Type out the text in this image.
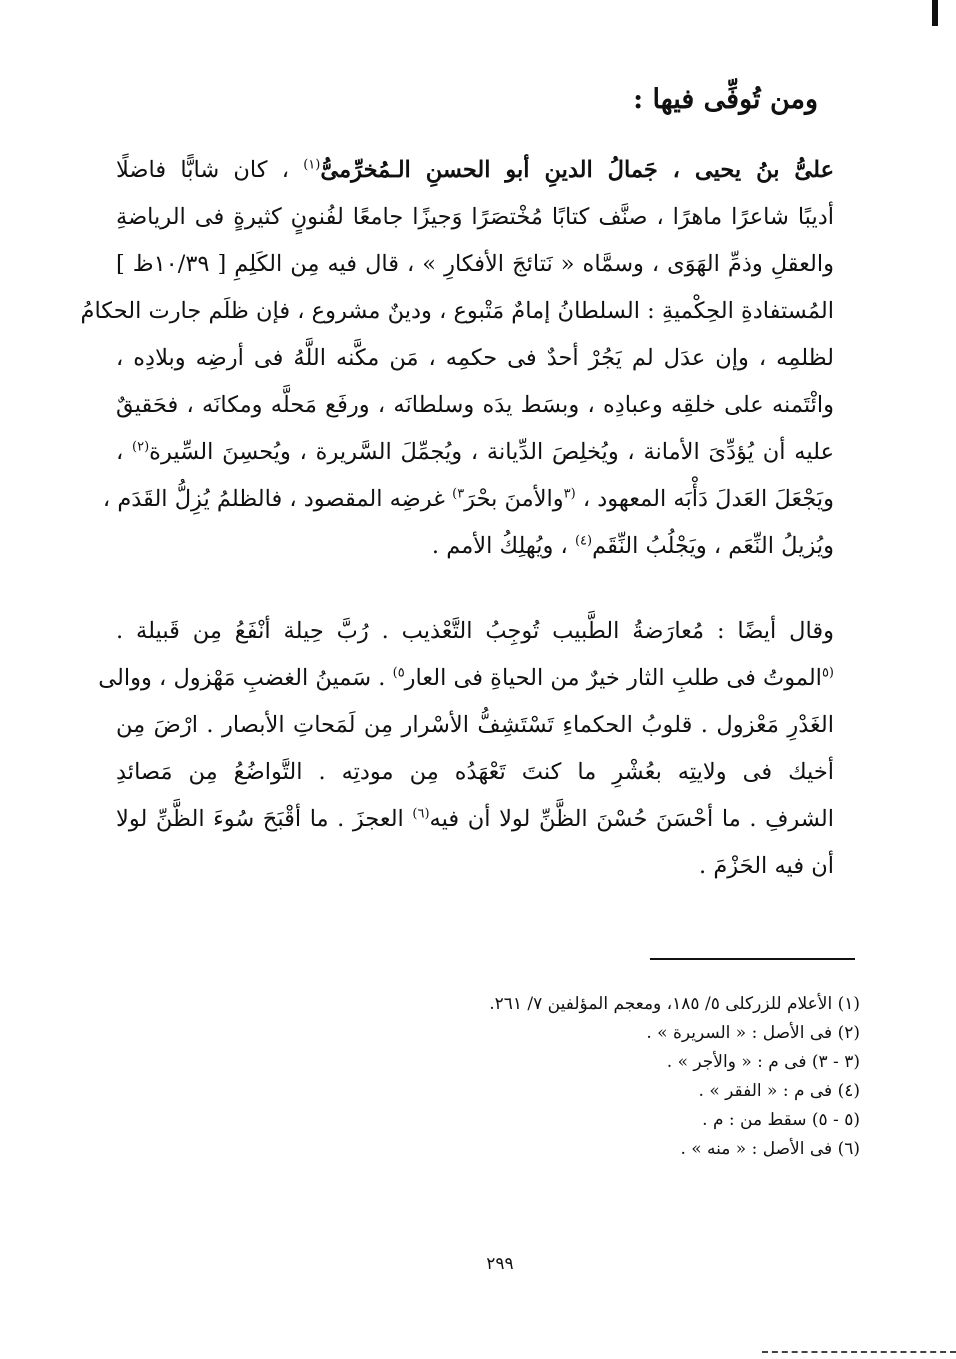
ومن تُوفِّى فيها :

علىُّ بنُ يحيى ، جَمالُ الدينِ أبو الحسنِ الـمُخرِّمىُّ$^{(١)}$ ، كان شابًّا فاضلًا

أديبًا شاعرًا ماهرًا ، صنَّف كتابًا مُخْتصَرًا وَجيزًا جامعًا لفُنونٍ كثيرةٍ فى الرياضةِ

والعقلِ وذمِّ الهَوَى ، وسمَّاه « نَتائجَ الأفكارِ » ، قال فيه مِن الكَلِمِ [ ١٠/٣٩ظ ]

المُستفادةِ الحِكْميةِ : السلطانُ إمامٌ مَتْبوع ، ودينٌ مشروع ، فإن ظلَم جارت الحكامُ

لظلمِه ، وإن عدَل لم يَجُرْ أحدٌ فى حكمِه ، مَن مكَّنه اللَّهُ فى أرضِه وبلادِه ،

وائْتَمنه على خلقِه وعبادِه ، وبسَط يدَه وسلطانَه ، ورفَع مَحلَّه ومكانَه ، فحَقيقٌ

عليه أن يُؤدِّىَ الأمانة ، ويُخلِصَ الدِّيانة ، ويُجمِّلَ السَّريرة ، ويُحسِنَ السِّيرة$^{(٢)}$ ،

ويَجْعَلَ العَدلَ دَأْبَه المعهود ، $^{(٣}$والأمنَ بحْرَ$^{٣)}$ غرضِه المقصود ، فالظلمُ يُزِلُّ القَدَم ،

ويُزيلُ النِّعَم ، ويَجْلُبُ النِّقَم$^{(٤)}$ ، ويُهلِكُ الأمم .

وقال أيضًا : مُعارَضةُ الطَّبيب تُوجِبُ التَّعْذيب . رُبَّ حِيلة أنْفَعُ مِن قَبيلة .

$^{(٥}$الموتُ فى طلبِ الثار خيرٌ من الحياةِ فى العار$^{٥)}$ . سَمينُ الغضبِ مَهْزول ، ووالى

الغَدْرِ مَعْزول . قلوبُ الحكماءِ تَسْتَشِفُّ الأسْرار مِن لَمَحاتِ الأبصار . ارْضَ مِن

أخيك فى ولايتِه بعُشْرِ ما كنتَ تَعْهَدُه مِن مودتِه . التَّواضُعُ مِن مَصائدِ

الشرفِ . ما أحْسَنَ حُسْنَ الظَّنِّ لولا أن فيه$^{(٦)}$ العجزَ . ما أقْبَحَ سُوءَ الظَّنِّ لولا

أن فيه الحَزْمَ .

(١) الأعلام للزركلى ٥/ ١٨٥، ومعجم المؤلفين ٧/ ٢٦١.
(٢) فى الأصل : « السريرة » .
(٣ - ٣) فى م : « والأجر » .
(٤) فى م : « الفقر » .
(٥ - ٥) سقط من : م .
(٦) فى الأصل : « منه » .
٢٩٩
